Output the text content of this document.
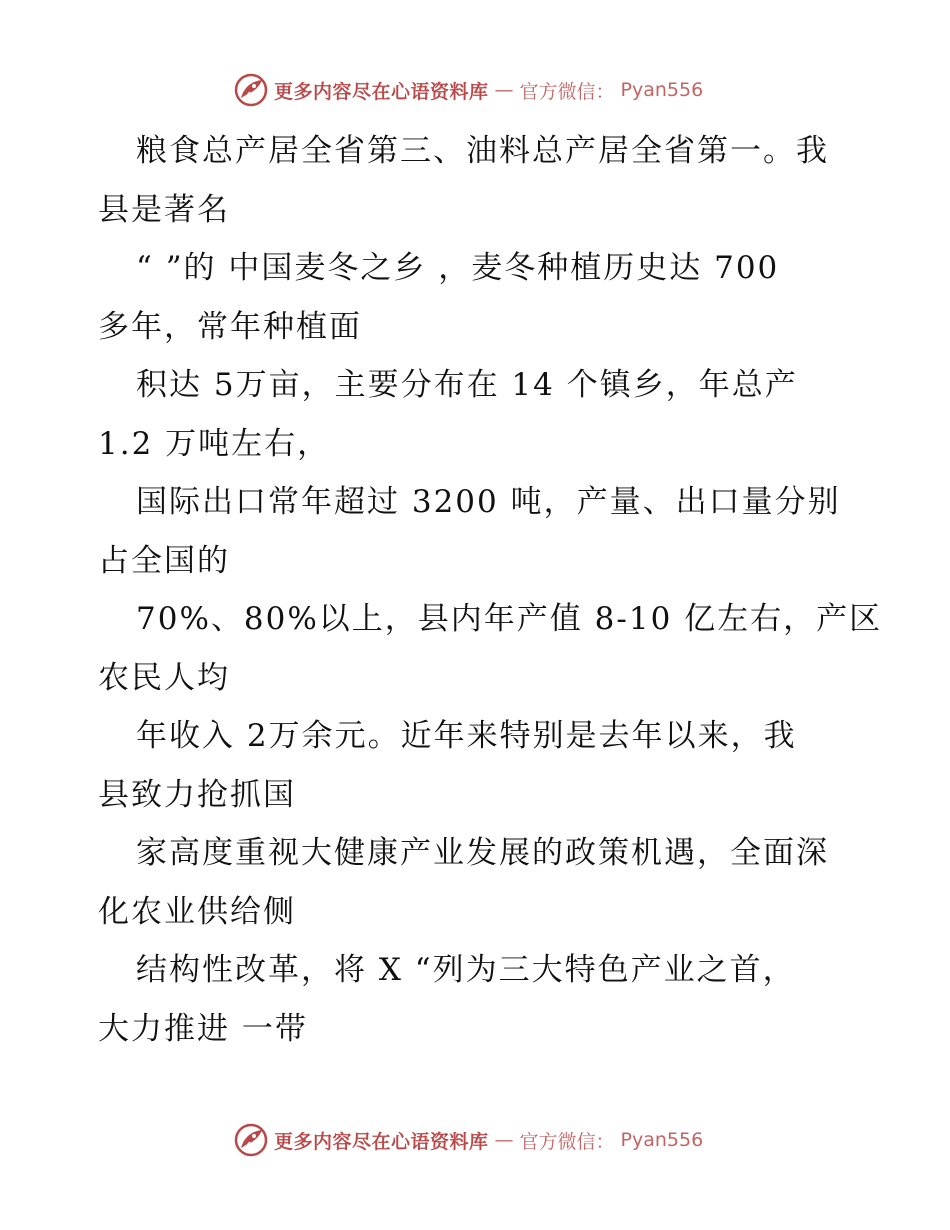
更多内容尽在心语资料库 — 官方微信： Pyan556
粮食总产居全省第三、油料总产居全省第一。我
县是著名
“ ”的 中国麦冬之乡 ，麦冬种植历史达 700
多年，常年种植面
积达 5万亩，主要分布在 14 个镇乡，年总产
1.2 万吨左右，
国际出口常年超过 3200 吨，产量、出口量分别
占全国的
70%、80%以上，县内年产值 8-10 亿左右，产区
农民人均
年收入 2万余元。近年来特别是去年以来，我
县致力抢抓国
家高度重视大健康产业发展的政策机遇，全面深
化农业供给侧
结构性改革，将 X “列为三大特色产业之首，
大力推进 一带
更多内容尽在心语资料库 — 官方微信： Pyan556
